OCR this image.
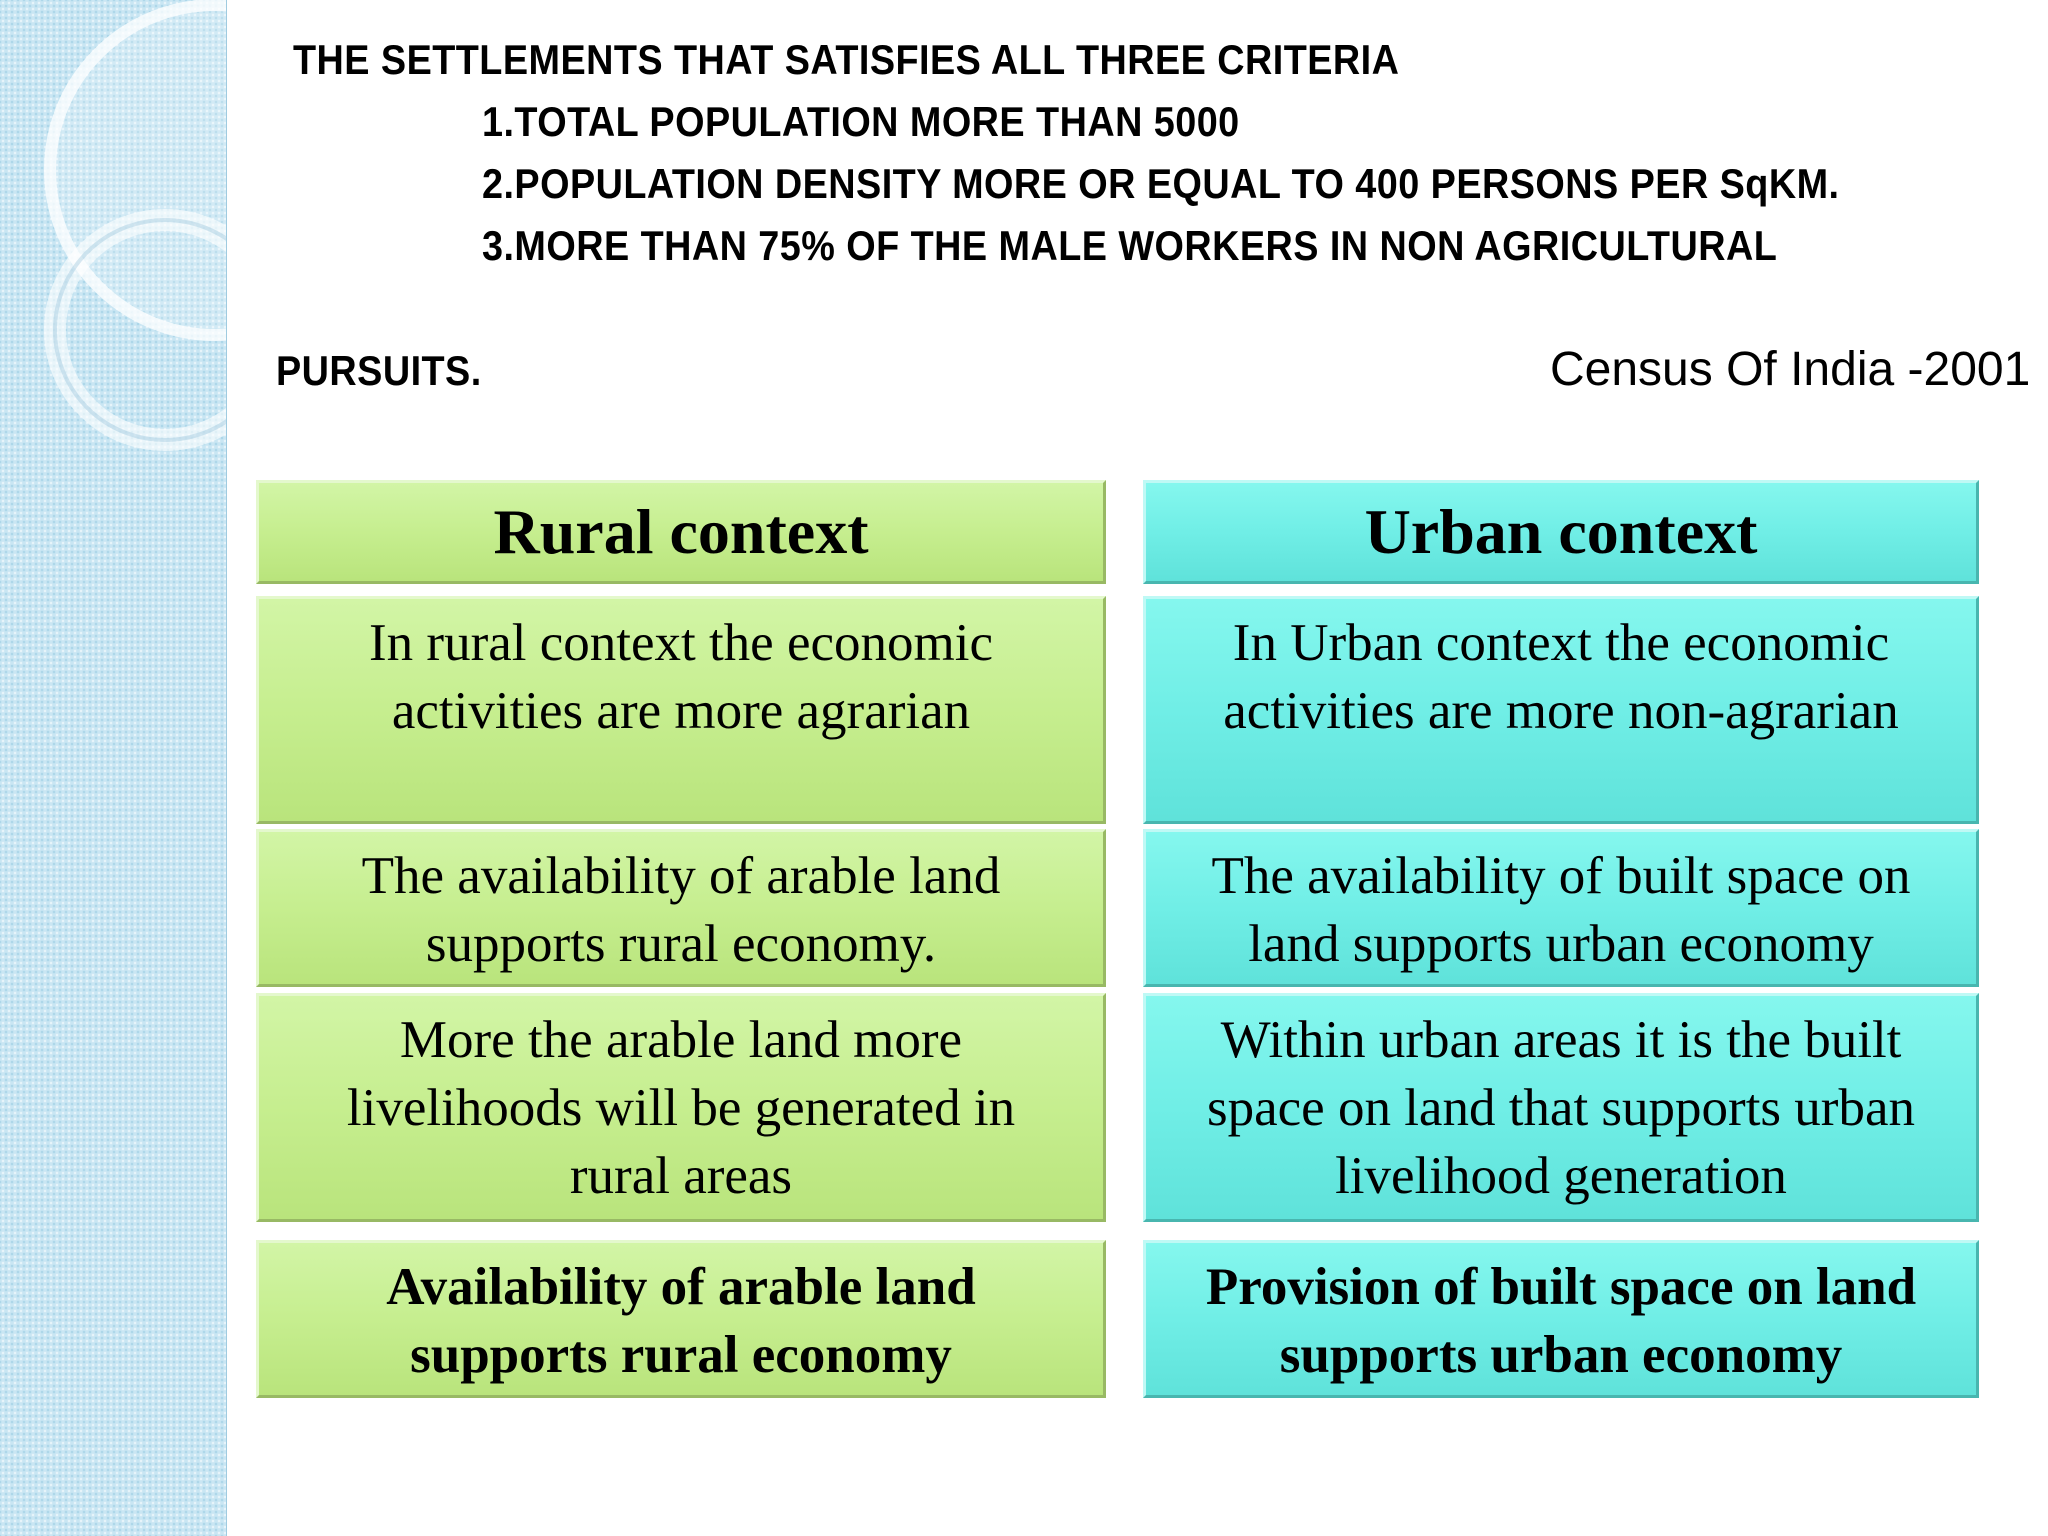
THE SETTLEMENTS THAT SATISFIES ALL THREE CRITERIA

1.TOTAL POPULATION MORE THAN 5000

2.POPULATION DENSITY MORE OR EQUAL TO 400 PERSONS PER SqKM.

3.MORE THAN 75% OF THE MALE WORKERS IN NON AGRICULTURAL

PURSUITS.	Census Of India -2001
Rural context
In rural context the economic
activities are more agrarian
The availability of arable land
supports rural economy.
More the arable land more
livelihoods will be generated in
rural areas
Availability of arable land
supports rural economy
Urban context
In Urban context the economic
activities are more non-agrarian
The availability of built space on
land supports urban economy
Within urban areas it is the built
space on land that supports urban
livelihood generation
Provision of built space on land
supports urban economy
